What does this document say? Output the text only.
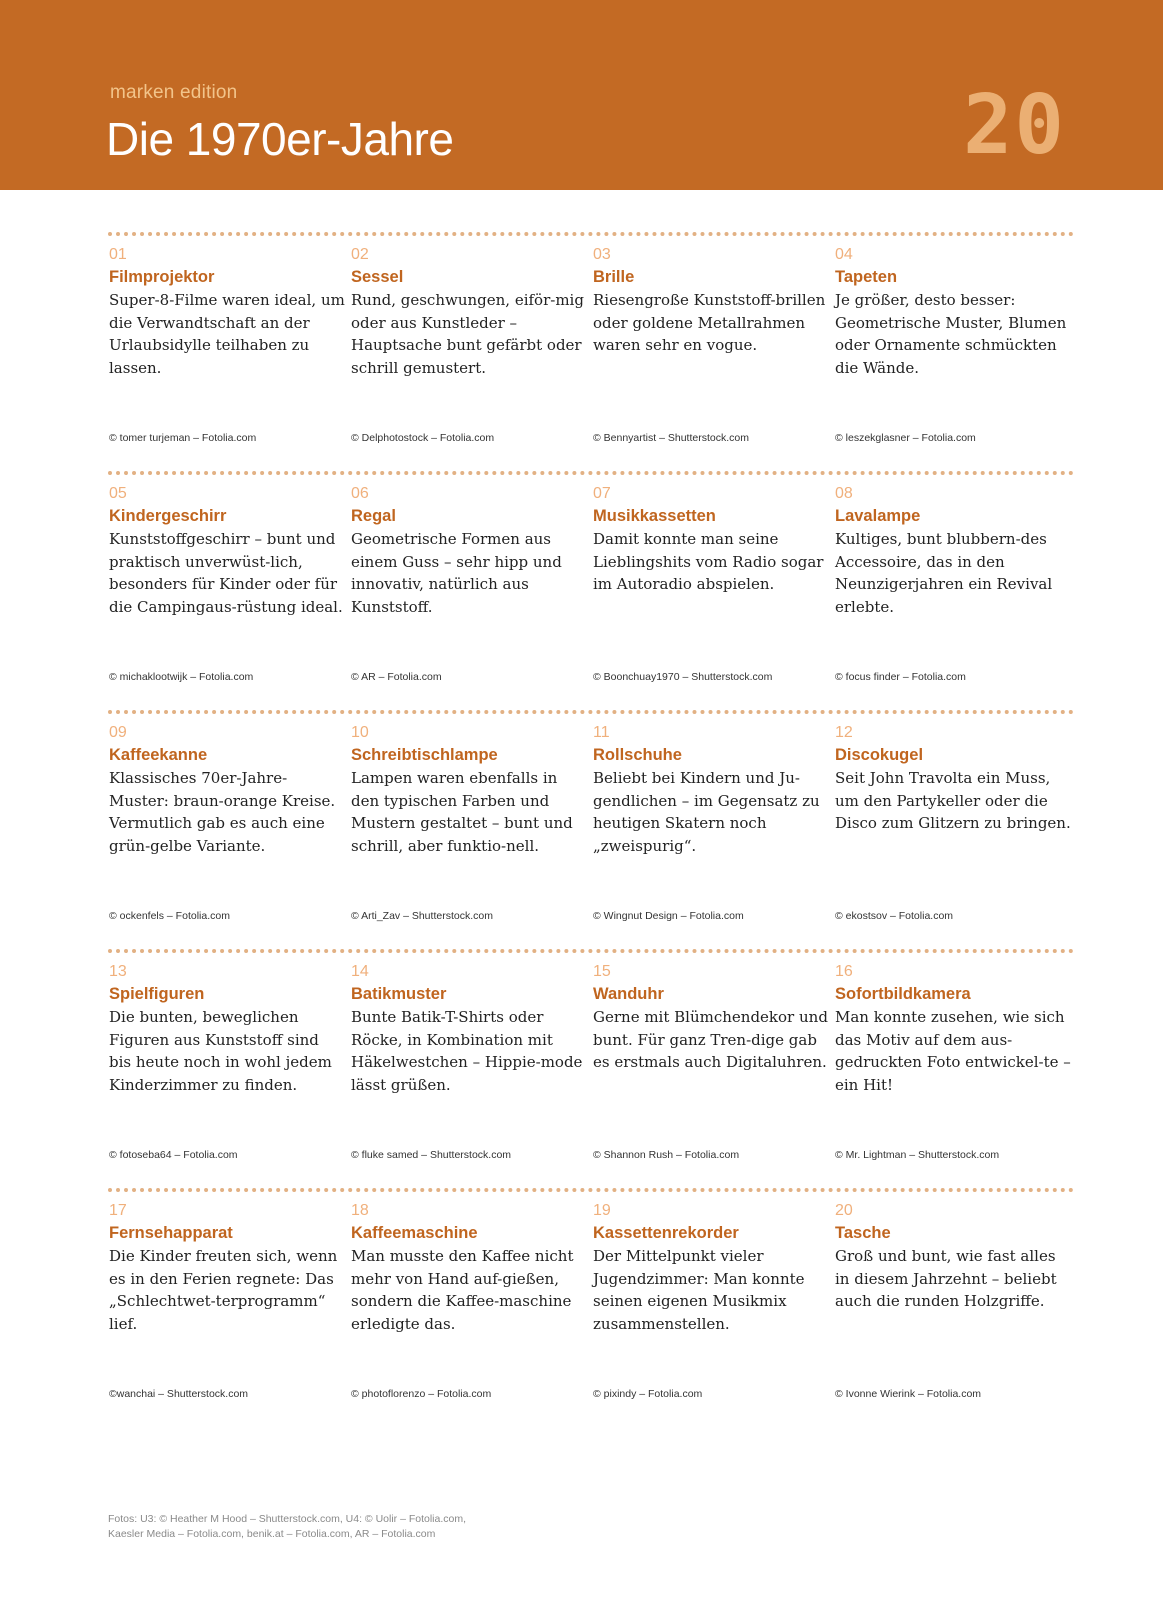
marken edition
Die 1970er-Jahre	20
01
Filmprojektor
Super-8-Filme waren ideal, um die Verwandtschaft an der Urlaubsidylle teilhaben zu lassen.
© tomer turjeman – Fotolia.com
02
Sessel
Rund, geschwungen, eiför-mig oder aus Kunstleder – Hauptsache bunt gefärbt oder schrill gemustert.
© Delphotostock – Fotolia.com
03
Brille
Riesengroße Kunststoff-brillen oder goldene Metallrahmen waren sehr en vogue.
© Bennyartist – Shutterstock.com
04
Tapeten
Je größer, desto besser: Geometrische Muster, Blumen oder Ornamente schmückten die Wände.
© leszekglasner – Fotolia.com
05
Kindergeschirr
Kunststoffgeschirr – bunt und praktisch unverwüst-lich, besonders für Kinder oder für die Campingaus-rüstung ideal.
© michaklootwijk – Fotolia.com
06
Regal
Geometrische Formen aus einem Guss – sehr hipp und innovativ, natürlich aus Kunststoff.
© AR – Fotolia.com
07
Musikkassetten
Damit konnte man seine Lieblingshits vom Radio sogar im Autoradio abspielen.
© Boonchuay1970 – Shutterstock.com
08
Lavalampe
Kultiges, bunt blubbern-des Accessoire, das in den Neunzigerjahren ein Revival erlebte.
© focus finder – Fotolia.com
09
Kaffeekanne
Klassisches 70er-Jahre-Muster: braun-orange Kreise. Vermutlich gab es auch eine grün-gelbe Variante.
© ockenfels – Fotolia.com
10
Schreibtischlampe
Lampen waren ebenfalls in den typischen Farben und Mustern gestaltet – bunt und schrill, aber funktio-nell.
© Arti_Zav – Shutterstock.com
11
Rollschuhe
Beliebt bei Kindern und Ju-gendlichen – im Gegensatz zu heutigen Skatern noch „zweispurig“.
© Wingnut Design – Fotolia.com
12
Discokugel
Seit John Travolta ein Muss, um den Partykeller oder die Disco zum Glitzern zu bringen.
© ekostsov – Fotolia.com
13
Spielfiguren
Die bunten, beweglichen Figuren aus Kunststoff sind bis heute noch in wohl jedem Kinderzimmer zu finden.
© fotoseba64 – Fotolia.com
14
Batikmuster
Bunte Batik-T-Shirts oder Röcke, in Kombination mit Häkelwestchen – Hippie-mode lässt grüßen.
© fluke samed – Shutterstock.com
15
Wanduhr
Gerne mit Blümchendekor und bunt. Für ganz Tren-dige gab es erstmals auch Digitaluhren.
© Shannon Rush – Fotolia.com
16
Sofortbildkamera
Man konnte zusehen, wie sich das Motiv auf dem aus-gedruckten Foto entwickel-te – ein Hit!
© Mr. Lightman – Shutterstock.com
17
Fernsehapparat
Die Kinder freuten sich, wenn es in den Ferien regnete: Das „Schlechtwet-terprogramm“ lief.
©wanchai – Shutterstock.com
18
Kaffeemaschine
Man musste den Kaffee nicht mehr von Hand auf-gießen, sondern die Kaffee-maschine erledigte das.
© photoflorenzo – Fotolia.com
19
Kassettenrekorder
Der Mittelpunkt vieler Jugendzimmer: Man konnte seinen eigenen Musikmix zusammenstellen.
© pixindy – Fotolia.com
20
Tasche
Groß und bunt, wie fast alles in diesem Jahrzehnt – beliebt auch die runden Holzgriffe.
© Ivonne Wierink – Fotolia.com
Fotos: U3: © Heather M Hood – Shutterstock.com, U4: © Uolir – Fotolia.com,
Kaesler Media – Fotolia.com, benik.at – Fotolia.com, AR – Fotolia.com
